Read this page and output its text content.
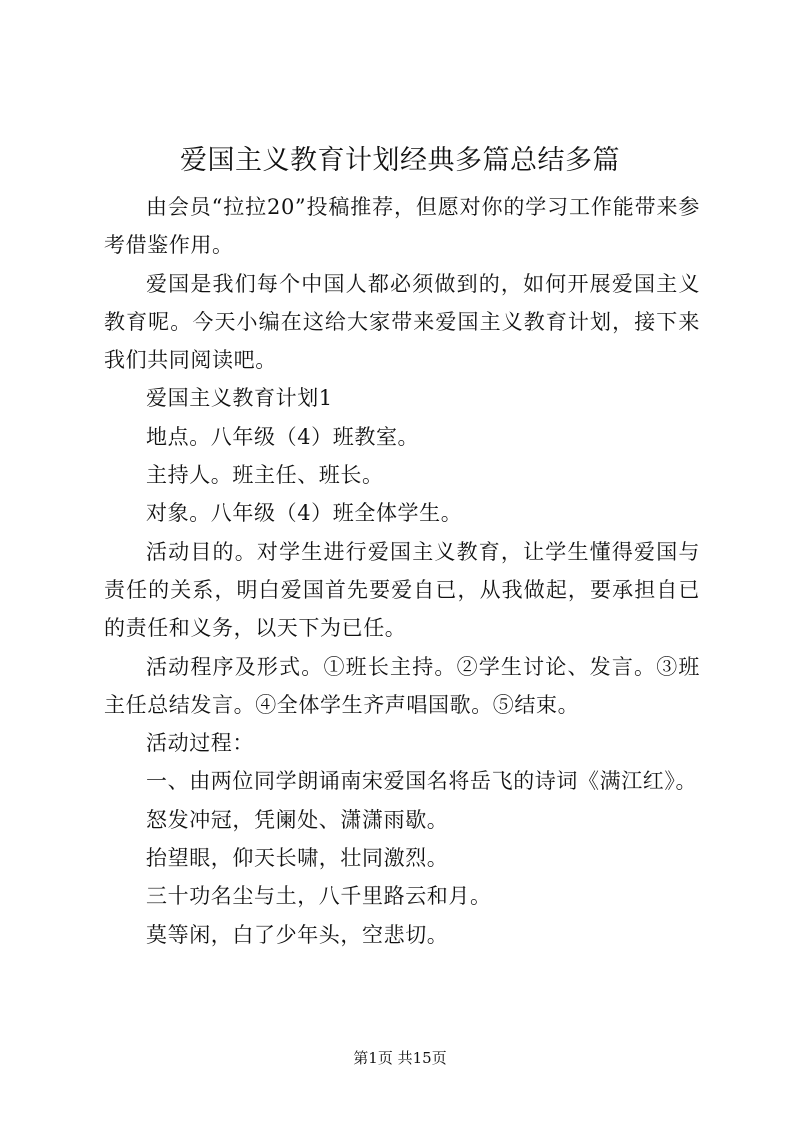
爱国主义教育计划经典多篇总结多篇

由会员“拉拉20”投稿推荐，但愿对你的学习工作能带来参考借鉴作用。

爱国是我们每个中国人都必须做到的，如何开展爱国主义教育呢。今天小编在这给大家带来爱国主义教育计划，接下来我们共同阅读吧。

爱国主义教育计划1

地点。八年级（4）班教室。

主持人。班主任、班长。

对象。八年级（4）班全体学生。

活动目的。对学生进行爱国主义教育，让学生懂得爱国与责任的关系，明白爱国首先要爱自已，从我做起，要承担自已的责任和义务，以天下为已任。

活动程序及形式。①班长主持。②学生讨论、发言。③班主任总结发言。④全体学生齐声唱国歌。⑤结束。

活动过程：

一、由两位同学朗诵南宋爱国名将岳飞的诗词《满江红》。

怒发冲冠，凭阑处、潇潇雨歇。

抬望眼，仰天长啸，壮同激烈。

三十功名尘与土，八千里路云和月。

莫等闲，白了少年头，空悲切。

第1页 共15页
